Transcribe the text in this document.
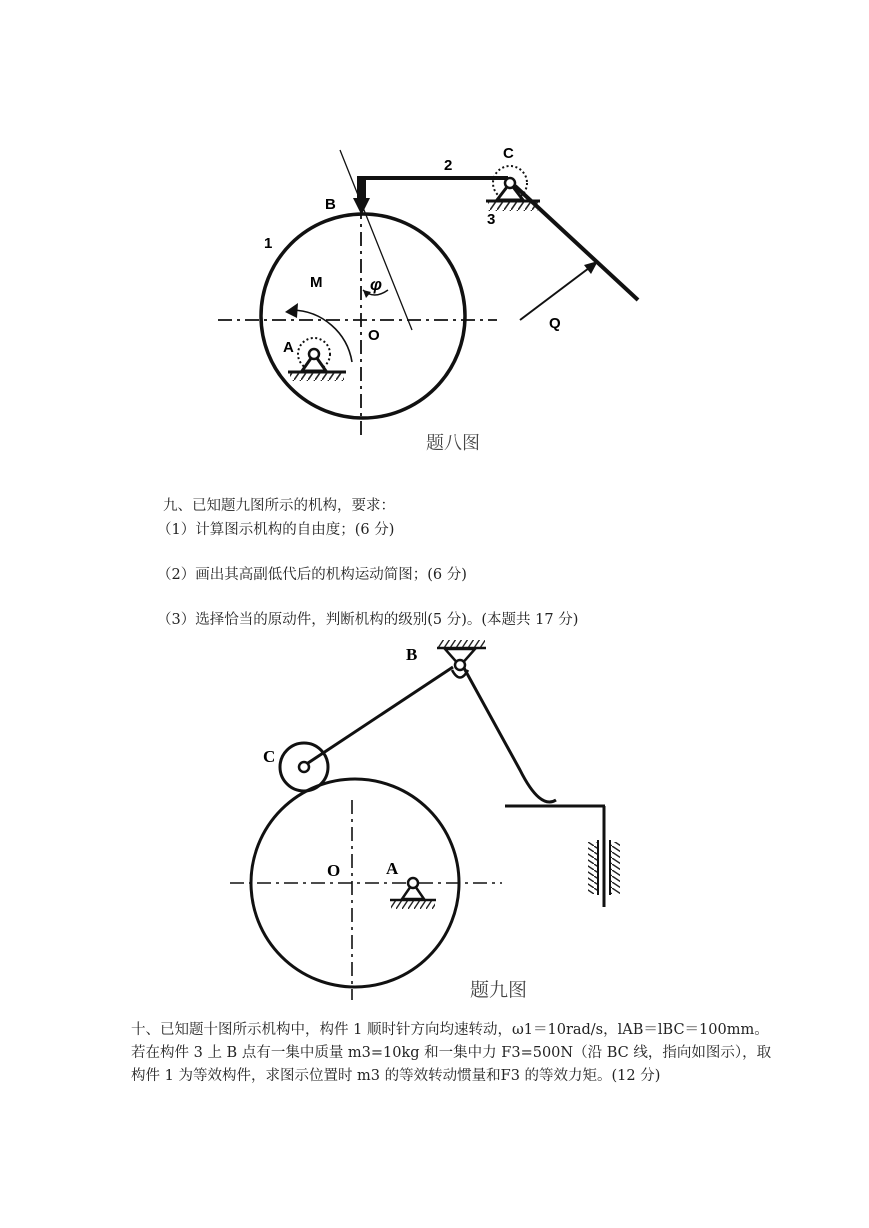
C
2
3
B
1
M	φ
O
A
Q
题八图
九、已知题九图所示的机构，要求：
（1）计算图示机构的自由度；(6 分)
（2）画出其高副低代后的机构运动简图；(6 分)
（3）选择恰当的原动件，判断机构的级别(5 分)。(本题共 17 分)
B
C
O	A
题九图
十、已知题十图所示机构中，构件 1 顺时针方向均速转动，ω1＝10rad/s，lAB＝lBC＝100mm。
若在构件 3 上 B 点有一集中质量 m3=10kg 和一集中力 F3=500N（沿 BC 线，指向如图示），取
构件 1 为等效构件，求图示位置时 m3 的等效转动惯量和F3 的等效力矩。(12 分)
